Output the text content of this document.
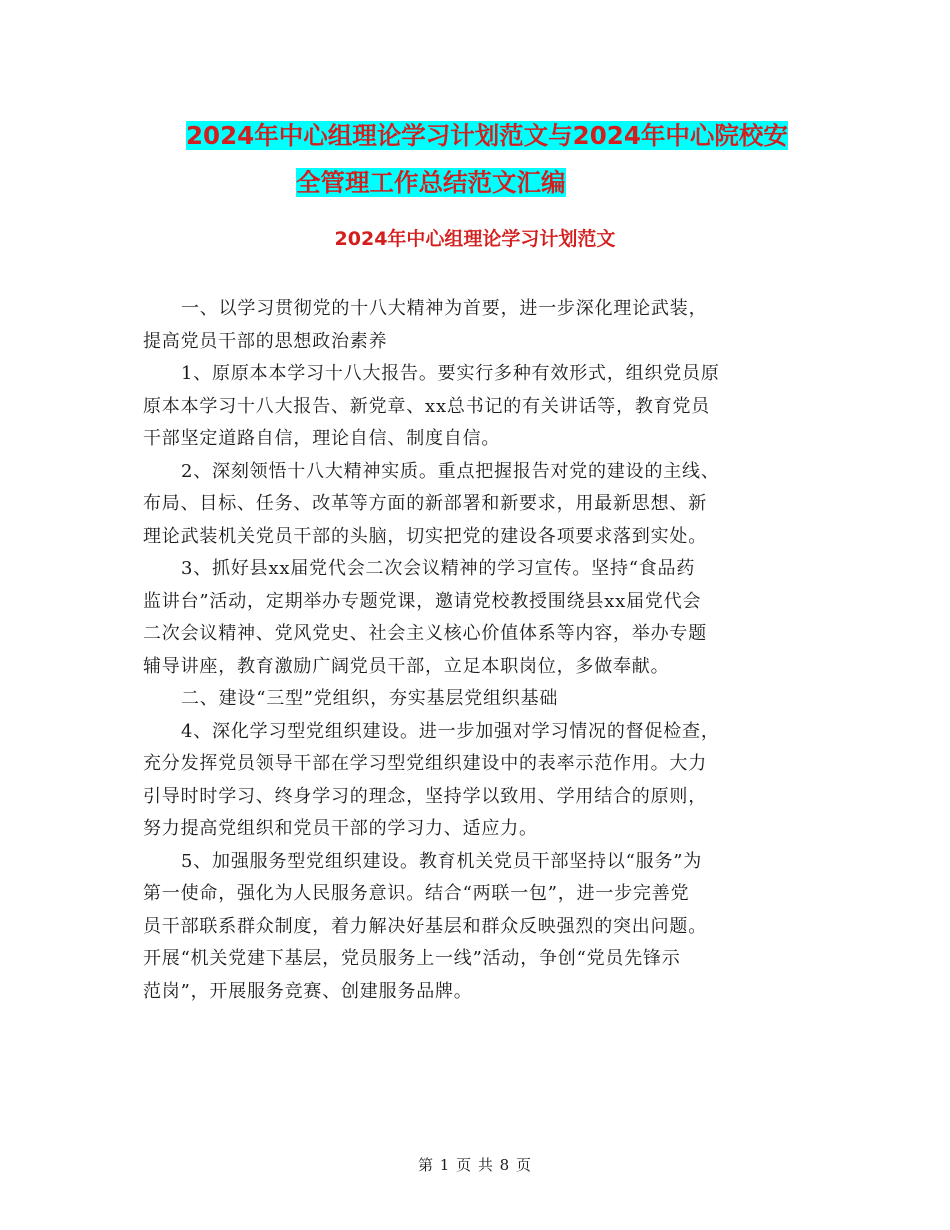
2024年中心组理论学习计划范文与2024年中心院校安
全管理工作总结范文汇编
2024年中心组理论学习计划范文

一、以学习贯彻党的十八大精神为首要，进一步深化理论武装，
提高党员干部的思想政治素养

1、原原本本学习十八大报告。要实行多种有效形式，组织党员原
原本本学习十八大报告、新党章、xx总书记的有关讲话等，教育党员
干部坚定道路自信，理论自信、制度自信。

2、深刻领悟十八大精神实质。重点把握报告对党的建设的主线、
布局、目标、任务、改革等方面的新部署和新要求，用最新思想、新
理论武装机关党员干部的头脑，切实把党的建设各项要求落到实处。

3、抓好县xx届党代会二次会议精神的学习宣传。坚持“食品药
监讲台”活动，定期举办专题党课，邀请党校教授围绕县xx届党代会
二次会议精神、党风党史、社会主义核心价值体系等内容，举办专题
辅导讲座，教育激励广阔党员干部，立足本职岗位，多做奉献。

二、建设“三型”党组织，夯实基层党组织基础

4、深化学习型党组织建设。进一步加强对学习情况的督促检查，
充分发挥党员领导干部在学习型党组织建设中的表率示范作用。大力
引导时时学习、终身学习的理念，坚持学以致用、学用结合的原则，
努力提高党组织和党员干部的学习力、适应力。

5、加强服务型党组织建设。教育机关党员干部坚持以“服务”为
第一使命，强化为人民服务意识。结合“两联一包”，进一步完善党
员干部联系群众制度，着力解决好基层和群众反映强烈的突出问题。
开展“机关党建下基层，党员服务上一线”活动，争创“党员先锋示
范岗”，开展服务竞赛、创建服务品牌。

第 1 页 共 8 页
